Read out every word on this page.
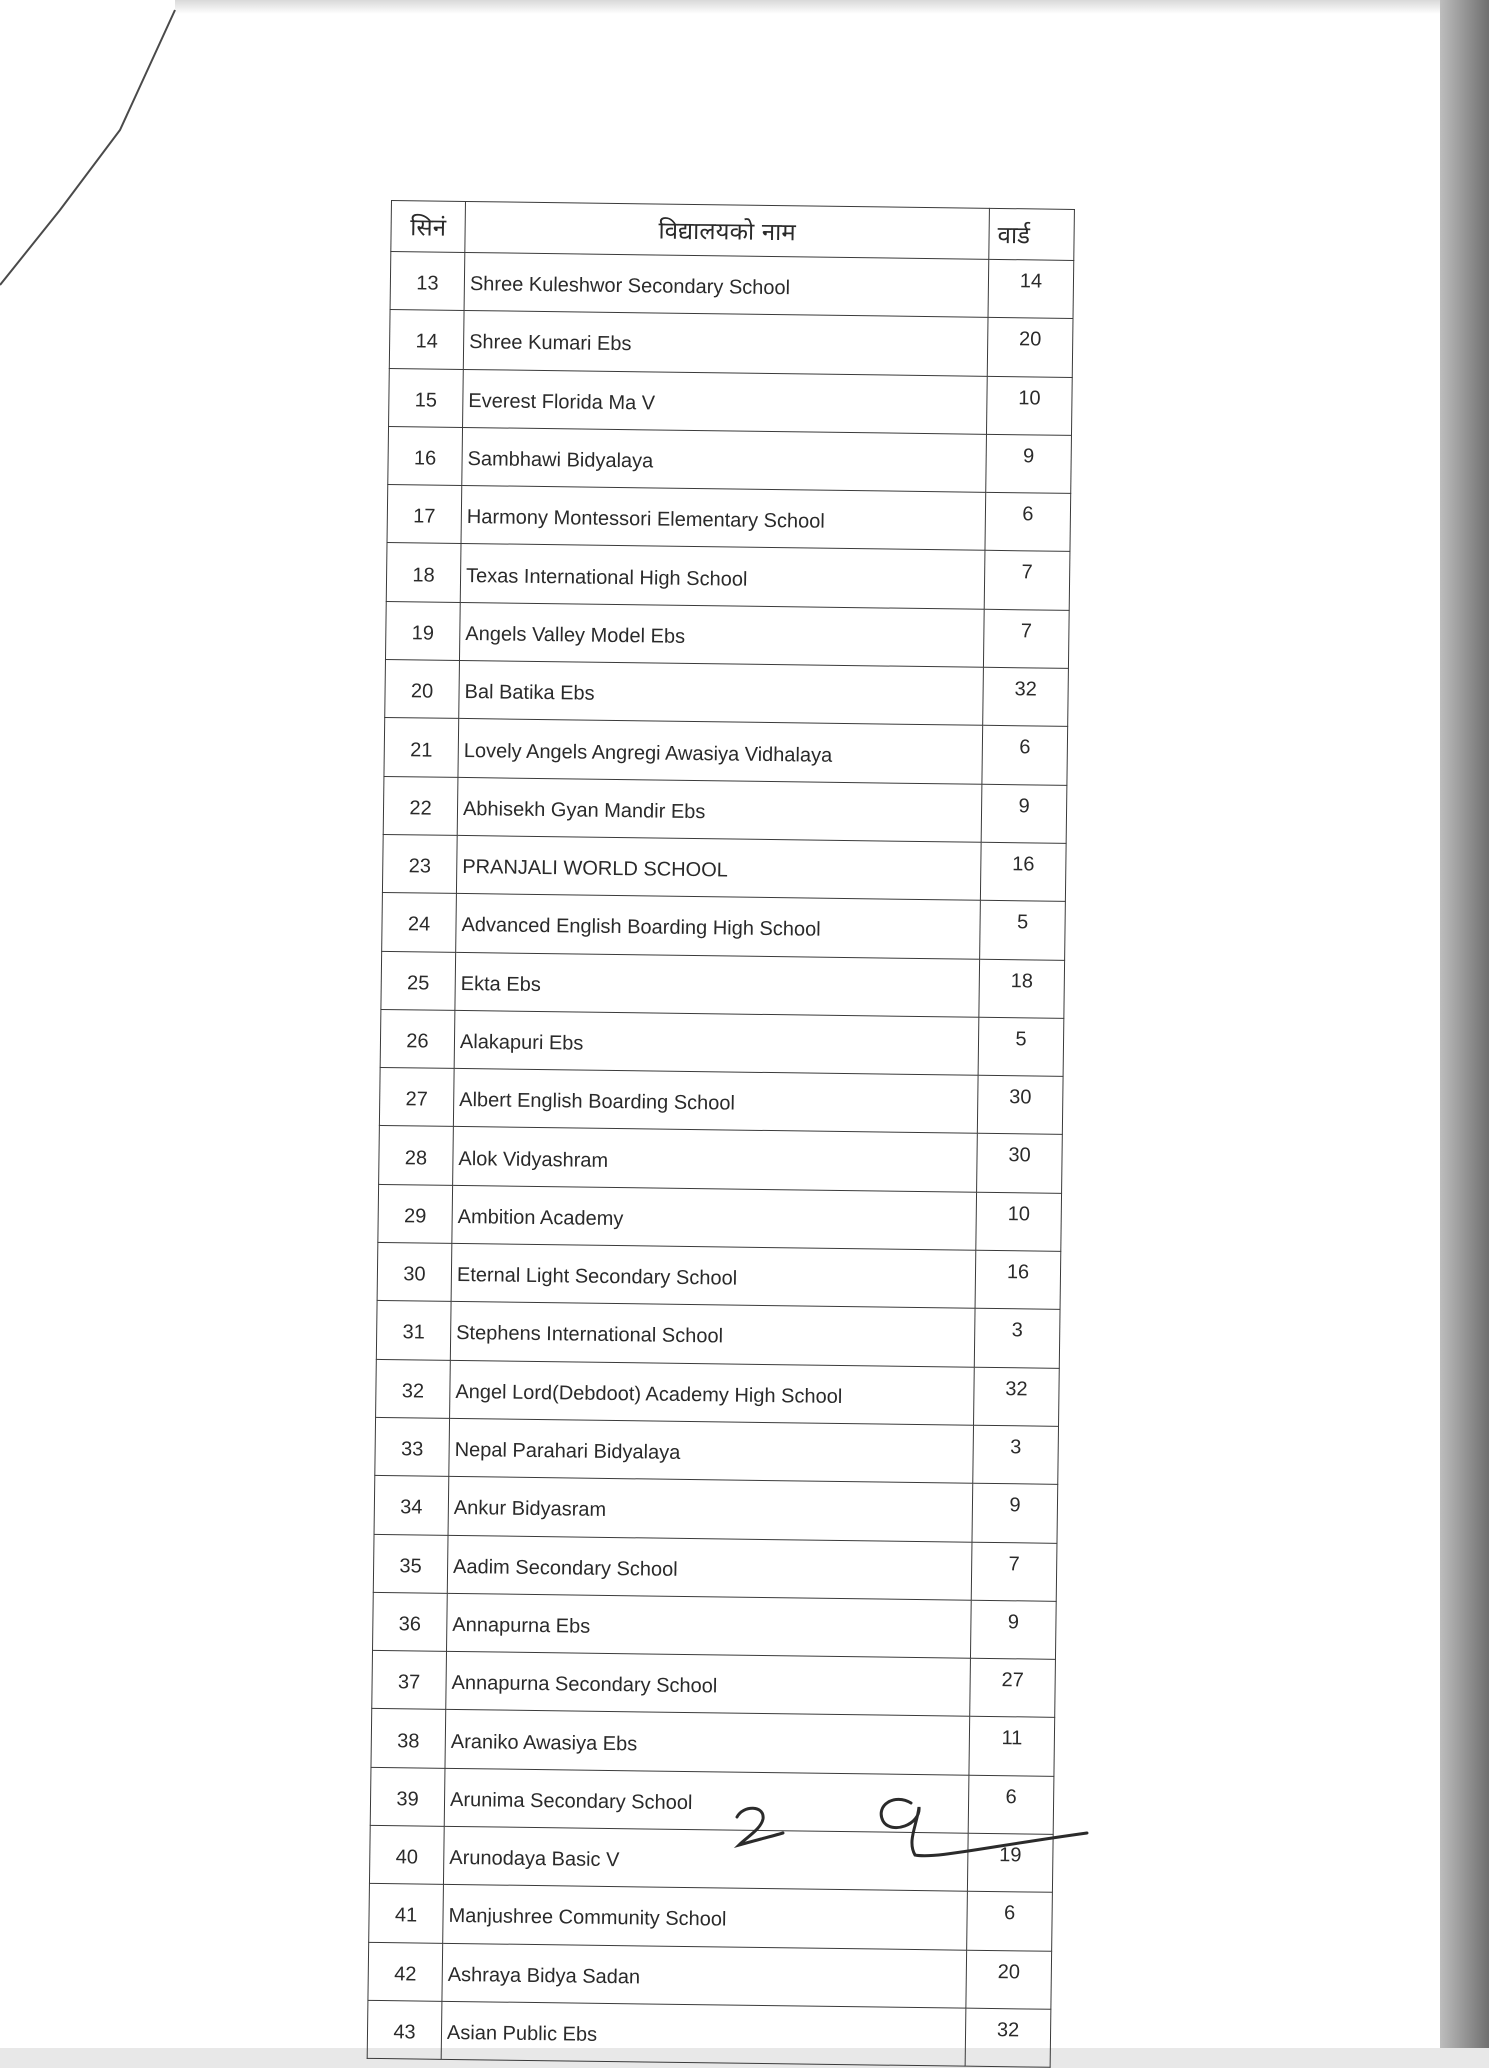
सिनं	विद्यालयको नाम	वार्ड
13	Shree Kuleshwor Secondary School	14
14	Shree Kumari Ebs	20
15	Everest Florida Ma V	10
16	Sambhawi Bidyalaya	9
17	Harmony Montessori Elementary School	6
18	Texas International High School	7
19	Angels Valley Model Ebs	7
20	Bal Batika Ebs	32
21	Lovely Angels Angregi Awasiya Vidhalaya	6
22	Abhisekh Gyan Mandir Ebs	9
23	PRANJALI WORLD SCHOOL	16
24	Advanced English Boarding High School	5
25	Ekta Ebs	18
26	Alakapuri Ebs	5
27	Albert English Boarding School	30
28	Alok Vidyashram	30
29	Ambition Academy	10
30	Eternal Light Secondary School	16
31	Stephens International School	3
32	Angel Lord(Debdoot) Academy High School	32
33	Nepal Parahari Bidyalaya	3
34	Ankur Bidyasram	9
35	Aadim Secondary School	7
36	Annapurna Ebs	9
37	Annapurna Secondary School	27
38	Araniko Awasiya Ebs	11
39	Arunima Secondary School	6
40	Arunodaya Basic V	19
41	Manjushree Community School	6
42	Ashraya Bidya Sadan	20
43	Asian Public Ebs	32
